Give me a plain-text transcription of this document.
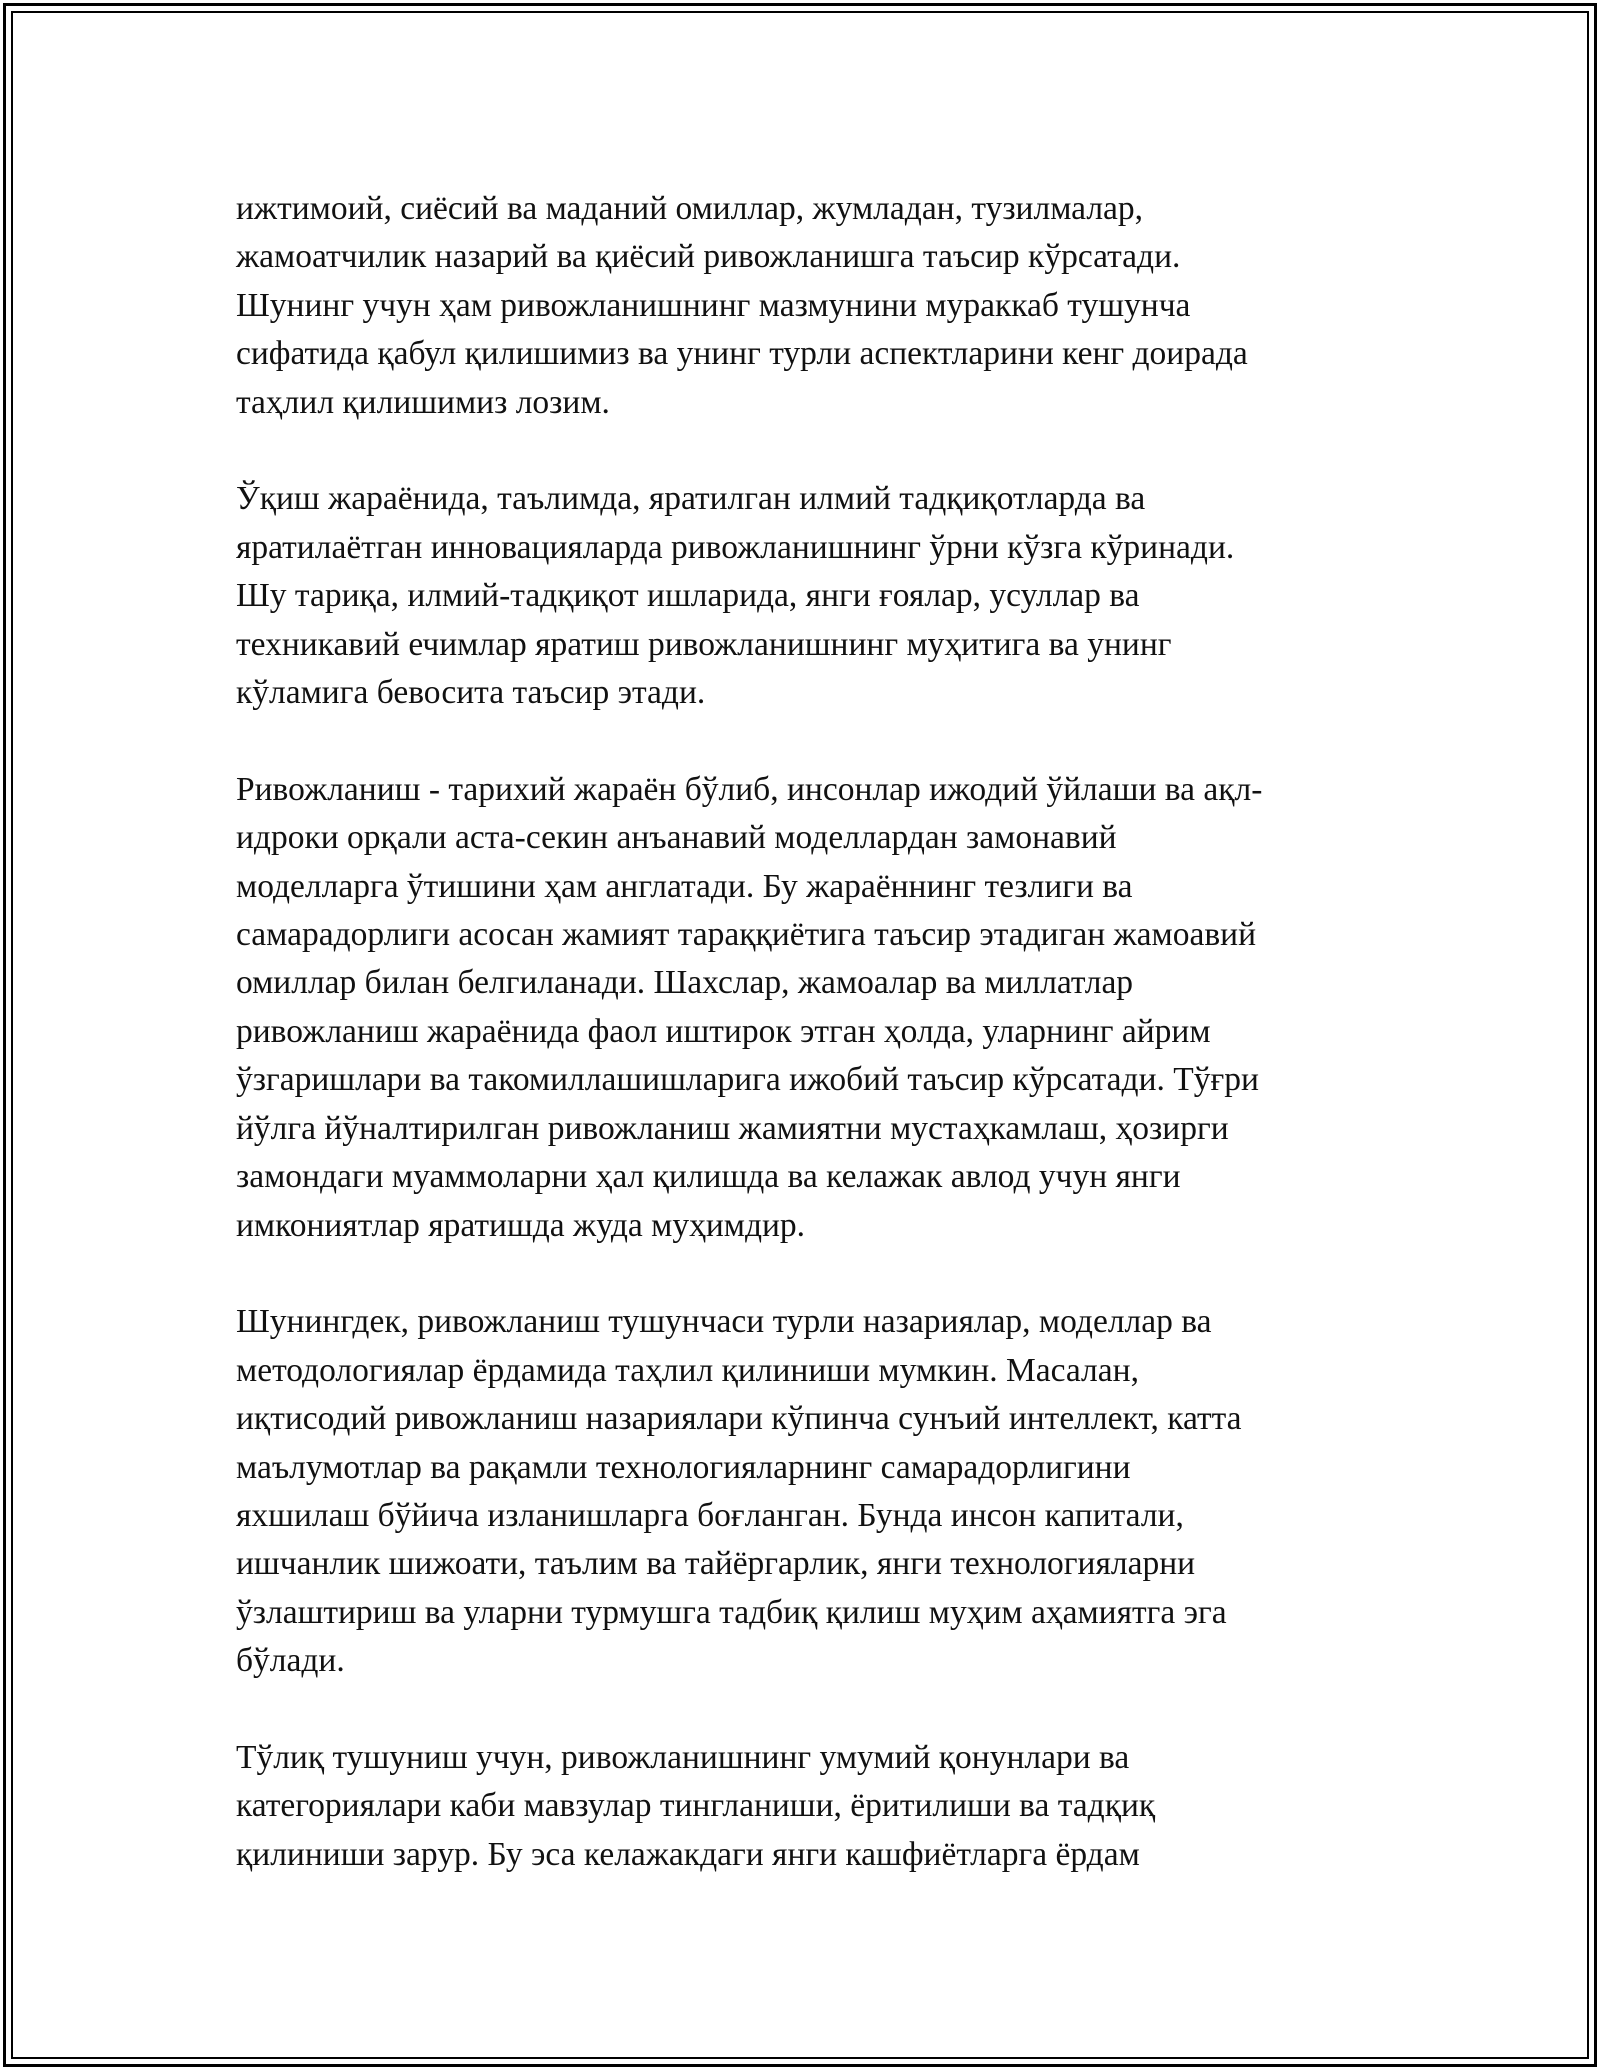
ижтимоий, сиёсий ва маданий омиллар, жумладан, тузилмалар,
жамоатчилик назарий ва қиёсий ривожланишга таъсир кўрсатади.
Шунинг учун ҳам ривожланишнинг мазмунини мураккаб тушунча
сифатида қабул қилишимиз ва унинг турли аспектларини кенг доирада
таҳлил қилишимиз лозим.

Ўқиш жараёнида, таълимда, яратилган илмий тадқиқотларда ва
яратилаётган инновацияларда ривожланишнинг ўрни кўзга кўринади.
Шу тариқа, илмий-тадқиқот ишларида, янги ғоялар, усуллар ва
техникавий ечимлар яратиш ривожланишнинг муҳитига ва унинг
кўламига бевосита таъсир этади.

Ривожланиш - тарихий жараён бўлиб, инсонлар ижодий ўйлаши ва ақл-
идроки орқали аста-секин анъанавий моделлардан замонавий
моделларга ўтишини ҳам англатади. Бу жараённинг тезлиги ва
самарадорлиги асосан жамият тараққиётига таъсир этадиган жамоавий
омиллар билан белгиланади. Шахслар, жамоалар ва миллатлар
ривожланиш жараёнида фаол иштирок этган ҳолда, уларнинг айрим
ўзгаришлари ва такомиллашишларига ижобий таъсир кўрсатади. Тўғри
йўлга йўналтирилган ривожланиш жамиятни мустаҳкамлаш, ҳозирги
замондаги муаммоларни ҳал қилишда ва келажак авлод учун янги
имкониятлар яратишда жуда муҳимдир.

Шунингдек, ривожланиш тушунчаси турли назариялар, моделлар ва
методологиялар ёрдамида таҳлил қилиниши мумкин. Масалан,
иқтисодий ривожланиш назариялари кўпинча сунъий интеллект, катта
маълумотлар ва рақамли технологияларнинг самарадорлигини
яхшилаш бўйича изланишларга боғланган. Бунда инсон капитали,
ишчанлик шижоати, таълим ва тайёргарлик, янги технологияларни
ўзлаштириш ва уларни турмушга тадбиқ қилиш муҳим аҳамиятга эга
бўлади.

Тўлиқ тушуниш учун, ривожланишнинг умумий қонунлари ва
категориялари каби мавзулар тингланиши, ёритилиши ва тадқиқ
қилиниши зарур. Бу эса келажакдаги янги кашфиётларга ёрдам
